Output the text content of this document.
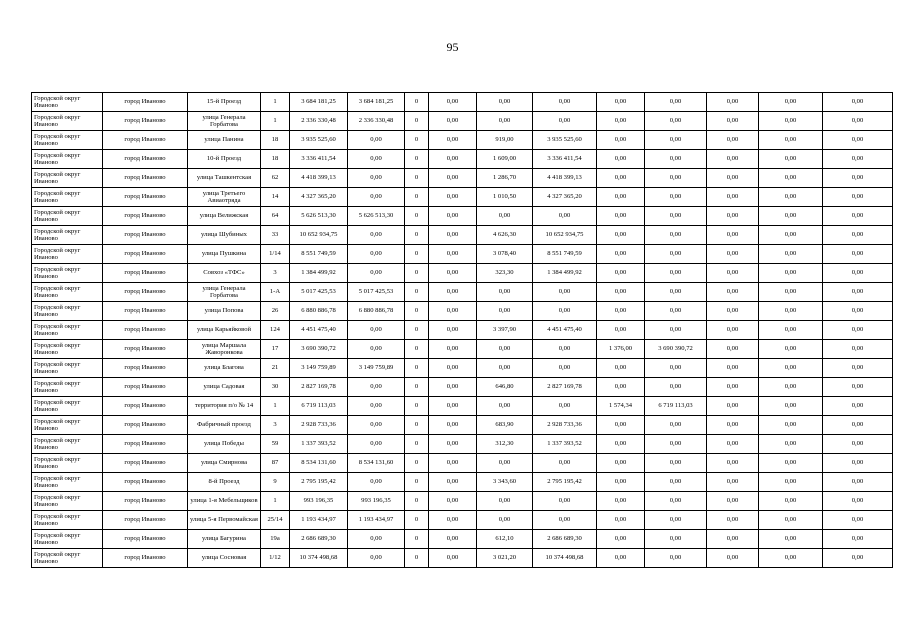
95
Городской округ Иваново	город Иваново	15-й Проезд	1	3 684 181,25	3 684 181,25	0	0,00	0,00	0,00	0,00	0,00	0,00	0,00	0,00
Городской округ Иваново	город Иваново	улица Генерала Горбатова	1	2 336 330,48	2 336 330,48	0	0,00	0,00	0,00	0,00	0,00	0,00	0,00	0,00
Городской округ Иваново	город Иваново	улица Панина	18	3 935 525,60	0,00	0	0,00	919,00	3 935 525,60	0,00	0,00	0,00	0,00	0,00
Городской округ Иваново	город Иваново	10-й Проезд	18	3 336 411,54	0,00	0	0,00	1 609,00	3 336 411,54	0,00	0,00	0,00	0,00	0,00
Городской округ Иваново	город Иваново	улица Ташкентская	62	4 418 399,13	0,00	0	0,00	1 286,70	4 418 399,13	0,00	0,00	0,00	0,00	0,00
Городской округ Иваново	город Иваново	улица Третьего Авиаотряда	14	4 327 365,20	0,00	0	0,00	1 010,50	4 327 365,20	0,00	0,00	0,00	0,00	0,00
Городской округ Иваново	город Иваново	улица Велижская	64	5 626 513,30	5 626 513,30	0	0,00	0,00	0,00	0,00	0,00	0,00	0,00	0,00
Городской округ Иваново	город Иваново	улица Шубиных	33	10 652 934,75	0,00	0	0,00	4 626,30	10 652 934,75	0,00	0,00	0,00	0,00	0,00
Городской округ Иваново	город Иваново	улица Пушкина	1/14	8 551 749,59	0,00	0	0,00	3 078,40	8 551 749,59	0,00	0,00	0,00	0,00	0,00
Городской округ Иваново	город Иваново	Совхоз «ТФС»	3	1 384 499,92	0,00	0	0,00	323,30	1 384 499,92	0,00	0,00	0,00	0,00	0,00
Городской округ Иваново	город Иваново	улица Генерала Горбатова	1-А	5 017 425,53	5 017 425,53	0	0,00	0,00	0,00	0,00	0,00	0,00	0,00	0,00
Городской округ Иваново	город Иваново	улица Попова	26	6 880 886,78	6 880 886,78	0	0,00	0,00	0,00	0,00	0,00	0,00	0,00	0,00
Городской округ Иваново	город Иваново	улица Карьяйковой	124	4 451 475,40	0,00	0	0,00	3 397,90	4 451 475,40	0,00	0,00	0,00	0,00	0,00
Городской округ Иваново	город Иваново	улица Маршала Жаворонкова	17	3 690 390,72	0,00	0	0,00	0,00	0,00	1 376,00	3 690 390,72	0,00	0,00	0,00
Городской округ Иваново	город Иваново	улица Благова	21	3 149 759,89	3 149 759,89	0	0,00	0,00	0,00	0,00	0,00	0,00	0,00	0,00
Городской округ Иваново	город Иваново	улица Садовая	30	2 827 169,78	0,00	0	0,00	646,80	2 827 169,78	0,00	0,00	0,00	0,00	0,00
Городской округ Иваново	город Иваново	территория п/о № 14	1	6 719 113,03	0,00	0	0,00	0,00	0,00	1 574,34	6 719 113,03	0,00	0,00	0,00
Городской округ Иваново	город Иваново	Фабричный проезд	3	2 928 733,36	0,00	0	0,00	683,90	2 928 733,36	0,00	0,00	0,00	0,00	0,00
Городской округ Иваново	город Иваново	улица Победы	59	1 337 393,52	0,00	0	0,00	312,30	1 337 393,52	0,00	0,00	0,00	0,00	0,00
Городской округ Иваново	город Иваново	улица Смирнова	87	8 534 131,60	8 534 131,60	0	0,00	0,00	0,00	0,00	0,00	0,00	0,00	0,00
Городской округ Иваново	город Иваново	8-й Проезд	9	2 795 195,42	0,00	0	0,00	3 343,60	2 795 195,42	0,00	0,00	0,00	0,00	0,00
Городской округ Иваново	город Иваново	улица 1-я Мебельщиков	1	993 196,35	993 196,35	0	0,00	0,00	0,00	0,00	0,00	0,00	0,00	0,00
Городской округ Иваново	город Иваново	улица 5-я Первомайская	25/14	1 193 434,97	1 193 434,97	0	0,00	0,00	0,00	0,00	0,00	0,00	0,00	0,00
Городской округ Иваново	город Иваново	улица Багурина	19а	2 686 689,30	0,00	0	0,00	612,10	2 686 689,30	0,00	0,00	0,00	0,00	0,00
Городской округ Иваново	город Иваново	улица Сосновая	1/12	10 374 498,68	0,00	0	0,00	3 021,20	10 374 498,68	0,00	0,00	0,00	0,00	0,00
